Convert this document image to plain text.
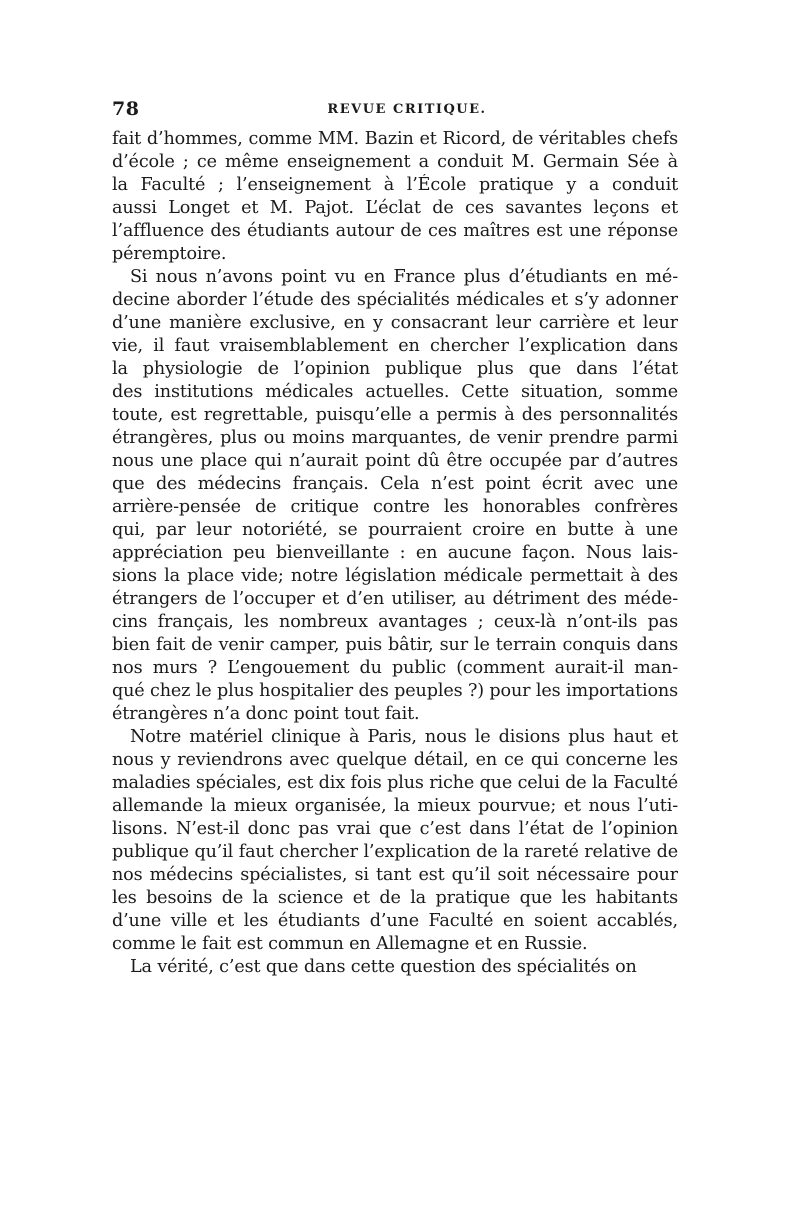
78	REVUE CRITIQUE.
fait d’hommes, comme MM. Bazin et Ricord, de véritables chefs
d’école ; ce même enseignement a conduit M. Germain Sée à
la Faculté ; l’enseignement à l’École pratique y a conduit
aussi Longet et M. Pajot. L’éclat de ces savantes leçons et
l’affluence des étudiants autour de ces maîtres est une réponse
péremptoire.
Si nous n’avons point vu en France plus d’étudiants en mé-
decine aborder l’étude des spécialités médicales et s’y adonner
d’une manière exclusive, en y consacrant leur carrière et leur
vie, il faut vraisemblablement en chercher l’explication dans
la physiologie de l’opinion publique plus que dans l’état
des institutions médicales actuelles. Cette situation, somme
toute, est regrettable, puisqu’elle a permis à des personnalités
étrangères, plus ou moins marquantes, de venir prendre parmi
nous une place qui n’aurait point dû être occupée par d’autres
que des médecins français. Cela n’est point écrit avec une
arrière-pensée de critique contre les honorables confrères
qui, par leur notoriété, se pourraient croire en butte à une
appréciation peu bienveillante : en aucune façon. Nous lais-
sions la place vide; notre législation médicale permettait à des
étrangers de l’occuper et d’en utiliser, au détriment des méde-
cins français, les nombreux avantages ; ceux-là n’ont-ils pas
bien fait de venir camper, puis bâtir, sur le terrain conquis dans
nos murs ? L’engouement du public (comment aurait-il man-
qué chez le plus hospitalier des peuples ?) pour les importations
étrangères n’a donc point tout fait.
Notre matériel clinique à Paris, nous le disions plus haut et
nous y reviendrons avec quelque détail, en ce qui concerne les
maladies spéciales, est dix fois plus riche que celui de la Faculté
allemande la mieux organisée, la mieux pourvue; et nous l’uti-
lisons. N’est-il donc pas vrai que c’est dans l’état de l’opinion
publique qu’il faut chercher l’explication de la rareté relative de
nos médecins spécialistes, si tant est qu’il soit nécessaire pour
les besoins de la science et de la pratique que les habitants
d’une ville et les étudiants d’une Faculté en soient accablés,
comme le fait est commun en Allemagne et en Russie.
La vérité, c’est que dans cette question des spécialités on
